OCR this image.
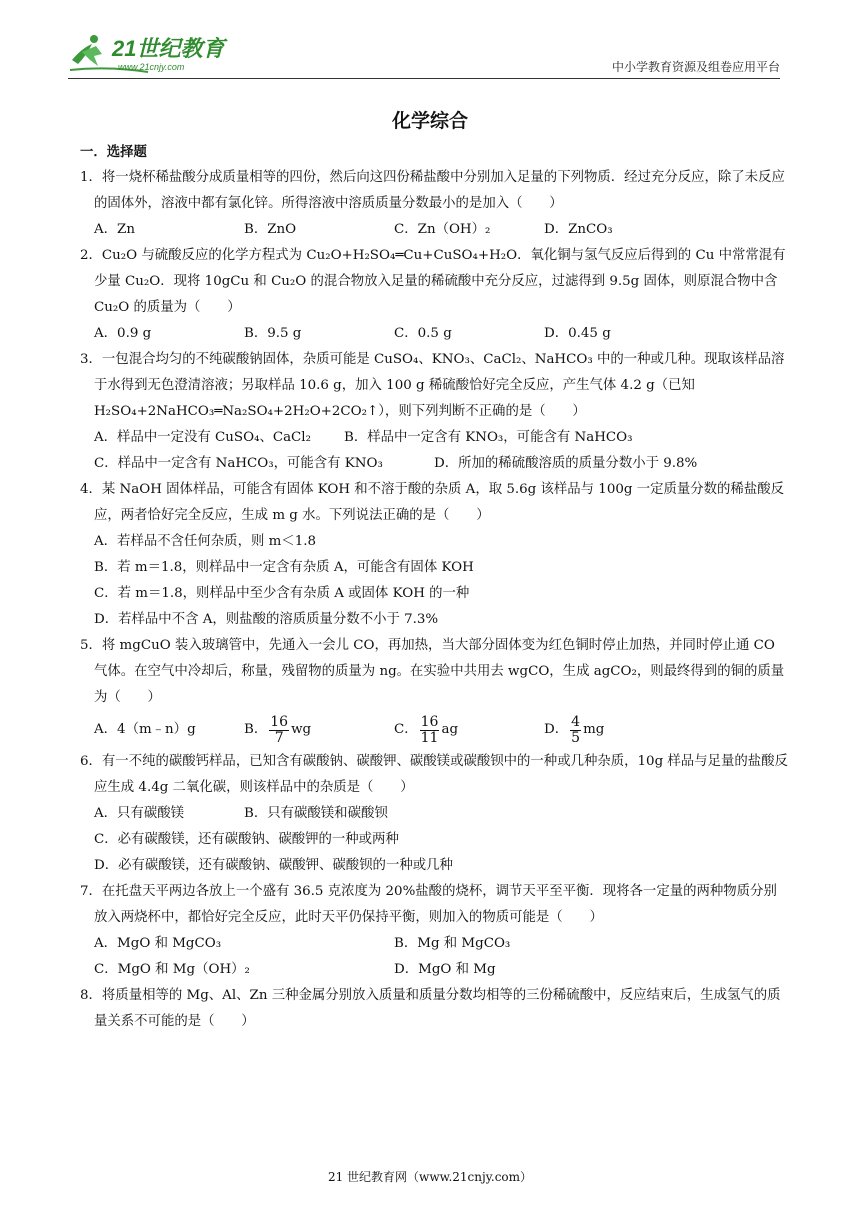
21世纪教育
www.21cnjy.com	中小学教育资源及组卷应用平台
化学综合
一．选择题
1．将一烧杯稀盐酸分成质量相等的四份，然后向这四份稀盐酸中分别加入足量的下列物质．经过充分反应，除了未反应的固体外，溶液中都有氯化锌。所得溶液中溶质质量分数最小的是加入（　　）
A．Zn	B．ZnO	C．Zn（OH）₂	D．ZnCO₃
2．Cu₂O 与硫酸反应的化学方程式为 Cu₂O+H₂SO₄═Cu+CuSO₄+H₂O．氧化铜与氢气反应后得到的 Cu 中常常混有少量 Cu₂O．现将 10gCu 和 Cu₂O 的混合物放入足量的稀硫酸中充分反应，过滤得到 9.5g 固体，则原混合物中含 Cu₂O 的质量为（　　）
A．0.9 g	B．9.5 g	C．0.5 g	D．0.45 g
3．一包混合均匀的不纯碳酸钠固体，杂质可能是 CuSO₄、KNO₃、CaCl₂、NaHCO₃ 中的一种或几种。现取该样品溶于水得到无色澄清溶液；另取样品 10.6 g，加入 100 g 稀硫酸恰好完全反应，产生气体 4.2 g（已知 H₂SO₄+2NaHCO₃═Na₂SO₄+2H₂O+2CO₂↑），则下列判断不正确的是（　　）
A．样品中一定没有 CuSO₄、CaCl₂	B．样品中一定含有 KNO₃，可能含有 NaHCO₃
C．样品中一定含有 NaHCO₃，可能含有 KNO₃	D．所加的稀硫酸溶质的质量分数小于 9.8%
4．某 NaOH 固体样品，可能含有固体 KOH 和不溶于酸的杂质 A，取 5.6g 该样品与 100g 一定质量分数的稀盐酸反应，两者恰好完全反应，生成 m g 水。下列说法正确的是（　　）
A．若样品不含任何杂质，则 m＜1.8
B．若 m＝1.8，则样品中一定含有杂质 A，可能含有固体 KOH
C．若 m＝1.8，则样品中至少含有杂质 A 或固体 KOH 的一种
D．若样品中不含 A，则盐酸的溶质质量分数不小于 7.3%
5．将 mgCuO 装入玻璃管中，先通入一会儿 CO，再加热，当大部分固体变为红色铜时停止加热，并同时停止通 CO 气体。在空气中冷却后，称量，残留物的质量为 ng。在实验中共用去 wgCO，生成 agCO₂，则最终得到的铜的质量为（　　）
A．4（m﹣n）g	B． $\frac{16}{7}$ wg	C． $\frac{16}{11}$ ag	D． $\frac{4}{5}$ mg
6．有一不纯的碳酸钙样品，已知含有碳酸钠、碳酸钾、碳酸镁或碳酸钡中的一种或几种杂质，10g 样品与足量的盐酸反应生成 4.4g 二氧化碳，则该样品中的杂质是（　　）
A．只有碳酸镁	B．只有碳酸镁和碳酸钡
C．必有碳酸镁，还有碳酸钠、碳酸钾的一种或两种
D．必有碳酸镁，还有碳酸钠、碳酸钾、碳酸钡的一种或几种
7．在托盘天平两边各放上一个盛有 36.5 克浓度为 20%盐酸的烧杯，调节天平至平衡．现将各一定量的两种物质分别放入两烧杯中，都恰好完全反应，此时天平仍保持平衡，则加入的物质可能是（　　）
A．MgO 和 MgCO₃	B．Mg 和 MgCO₃
C．MgO 和 Mg（OH）₂	D．MgO 和 Mg
8．将质量相等的 Mg、Al、Zn 三种金属分别放入质量和质量分数均相等的三份稀硫酸中，反应结束后，生成氢气的质量关系不可能的是（　　）
21 世纪教育网（www.21cnjy.com）
